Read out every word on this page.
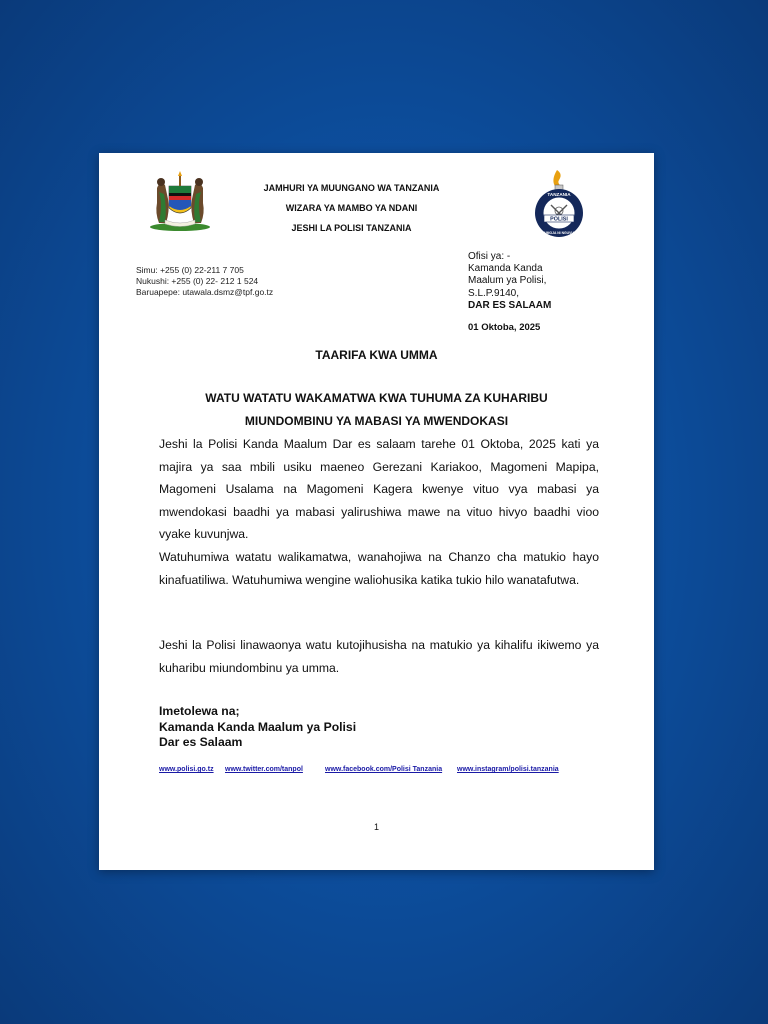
JAMHURI YA MUUNGANO WA TANZANIA
WIZARA YA MAMBO YA NDANI
JESHI LA POLISI TANZANIA
POLISI
TANZANIA
UMOJA NI NGUVU
Simu: +255 (0) 22-211 7 705
Nukushi: +255 (0) 22- 212 1 524
Baruapepe: utawala.dsmz@tpf.go.tz
Ofisi ya: -
Kamanda Kanda
Maalum ya Polisi,
S.L.P.9140,
DAR ES SALAAM
01 Oktoba, 2025
TAARIFA KWA UMMA
WATU WATATU WAKAMATWA KWA TUHUMA ZA KUHARIBU
MIUNDOMBINU YA MABASI YA MWENDOKASI
Jeshi la Polisi Kanda Maalum Dar es salaam tarehe 01 Oktoba, 2025 kati ya majira ya saa mbili usiku maeneo Gerezani Kariakoo, Magomeni Mapipa, Magomeni Usalama na Magomeni Kagera kwenye vituo vya mabasi ya mwendokasi baadhi ya mabasi yalirushiwa mawe na vituo hivyo baadhi vioo vyake kuvunjwa.
Watuhumiwa watatu walikamatwa, wanahojiwa na Chanzo cha matukio hayo kinafuatiliwa. Watuhumiwa wengine waliohusika katika tukio hilo wanatafutwa.
Jeshi la Polisi linawaonya watu kutojihusisha na matukio ya kihalifu ikiwemo ya kuharibu miundombinu ya umma.
Imetolewa na;
Kamanda Kanda Maalum ya Polisi
Dar es Salaam
www.polisi.go.tz www.twitter.com/tanpol	www.facebook.com/Polisi Tanzania www.instagram/polisi.tanzania
1
